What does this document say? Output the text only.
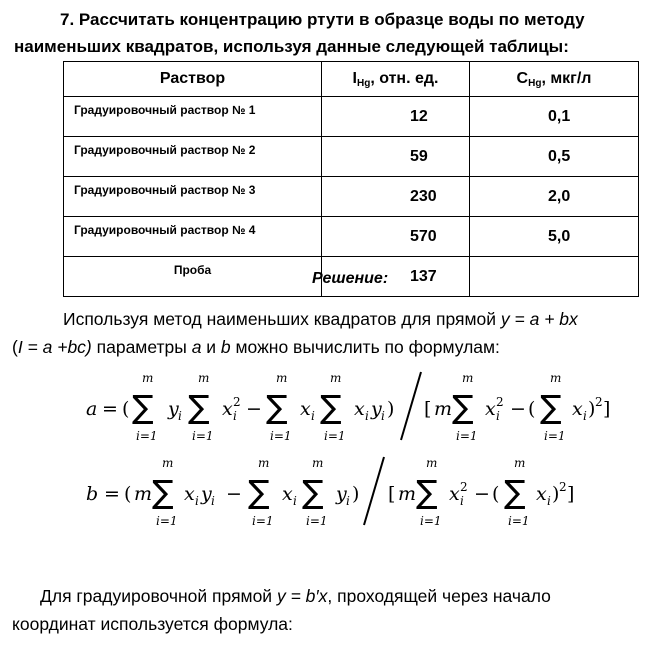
7. Рассчитать концентрацию ртути в образце воды по методу
наименьших квадратов, используя данные следующей таблицы:
Раствор	IHg, отн. ед.	CHg, мкг/л
Градуировочный раствор № 1	12	0,1
Градуировочный раствор № 2	59	0,5
Градуировочный раствор № 3	230	2,0
Градуировочный раствор № 4	570	5,0
Проба	137	
Решение:
Используя метод наименьших квадратов для прямой y = a + bx
(I = a +bc) параметры a и b можно вычислить по формулам:
a = ( ∑
m
i=1
y i ∑
m
i=1
x i
2 − ∑
m
i=1
x i ∑
m
i=1
x i y i ) [ m ∑
m
i=1
x i
2 − ( ∑
m
i=1
x i ) 2 ]
b = ( m ∑
m
i=1
x i y i − ∑
m
i=1
x i ∑
m
i=1
y i ) [ m ∑
m
i=1
x i
2 − ( ∑
m
i=1
x i ) 2 ]
Для градуировочной прямой y = b′x, проходящей через начало
координат используется формула:
